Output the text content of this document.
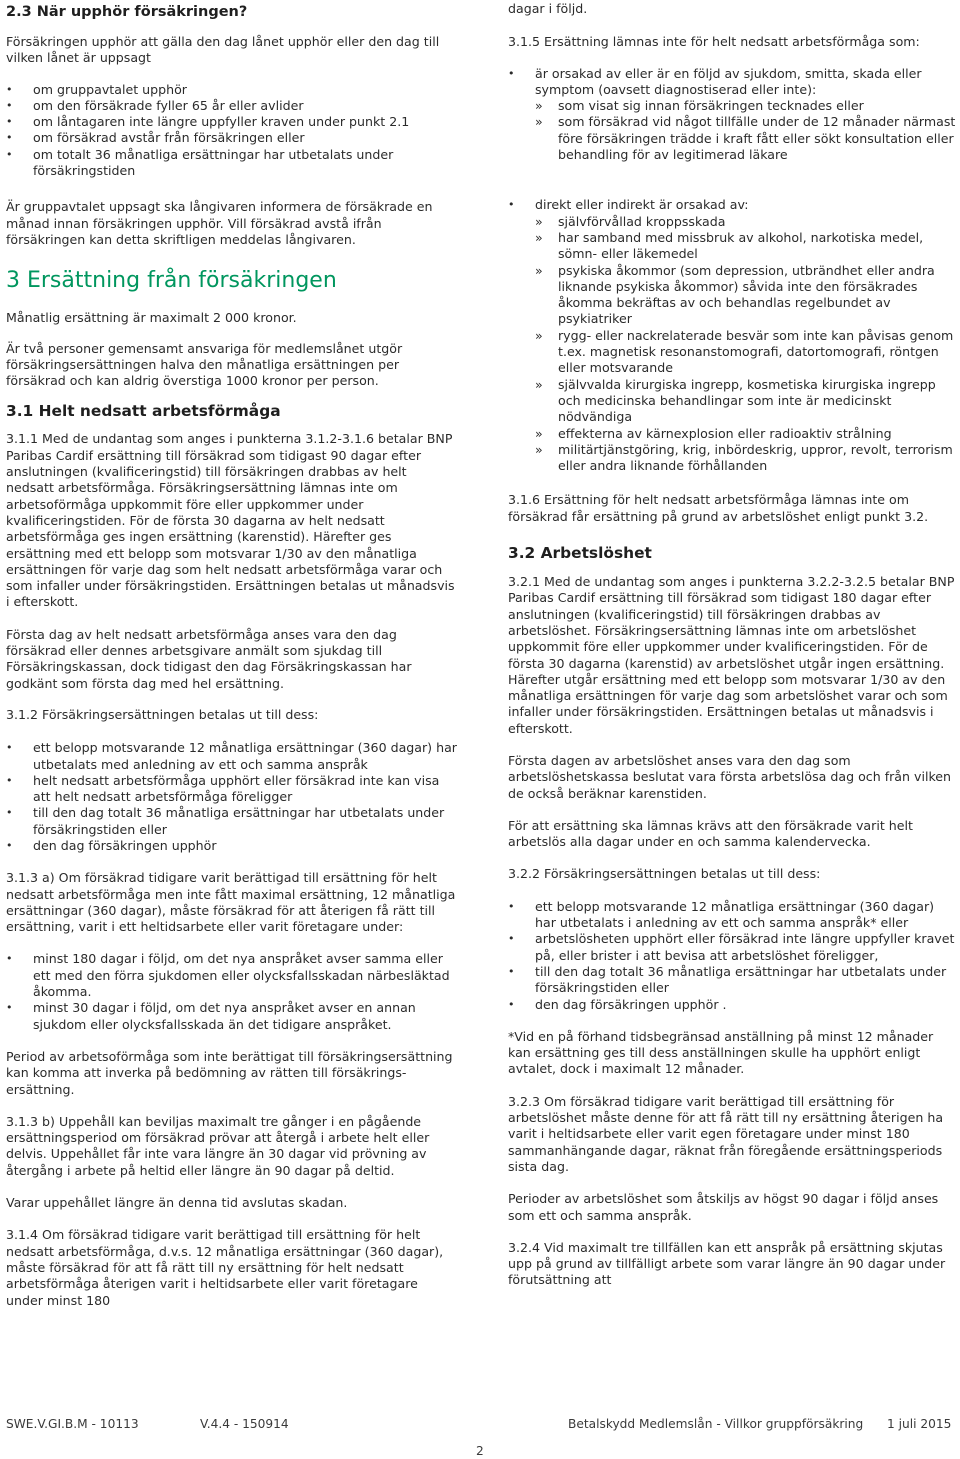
2.3 När upphör försäkringen?

Försäkringen upphör att gälla den dag lånet upphör eller den dag till vilken lånet är uppsagt

• om gruppavtalet upphör
• om den försäkrade fyller 65 år eller avlider
• om låntagaren inte längre uppfyller kraven under punkt 2.1
• om försäkrad avstår från försäkringen eller
• om totalt 36 månatliga ersättningar har utbetalats under försäkringstiden

Är gruppavtalet uppsagt ska långivaren informera de försäkrade en månad innan försäkringen upphör. Vill försäkrad avstå ifrån försäkringen kan detta skriftligen meddelas långivaren.

3 Ersättning från försäkringen

Månatlig ersättning är maximalt 2 000 kronor.

Är två personer gemensamt ansvariga för medlemslånet utgör försäkringsersättningen halva den månatliga ersättningen per försäkrad och kan aldrig överstiga 1000 kronor per person.

3.1 Helt nedsatt arbetsförmåga

3.1.1 Med de undantag som anges i punkterna 3.1.2-3.1.6 betalar BNP Paribas Cardif ersättning till försäkrad som tidigast 90 dagar efter anslutningen (kvalificeringstid) till försäkringen drabbas av helt nedsatt arbetsförmåga. Försäkringsersättning lämnas inte om arbetsoförmåga uppkommit före eller uppkommer under kvalificeringstiden. För de första 30 dagarna av helt nedsatt arbetsförmåga ges ingen ersättning (karenstid). Härefter ges ersättning med ett belopp som motsvarar 1/30 av den månatliga ersättningen för varje dag som helt nedsatt arbetsförmåga varar och som infaller under försäkringstiden. Ersättningen betalas ut månadsvis i efterskott.

Första dag av helt nedsatt arbetsförmåga anses vara den dag försäkrad eller dennes arbetsgivare anmält som sjukdag till Försäkringskassan, dock tidigast den dag Försäkringskassan har godkänt som första dag med hel ersättning.

3.1.2 Försäkringsersättningen betalas ut till dess:

• ett belopp motsvarande 12 månatliga ersättningar (360 dagar) har utbetalats med anledning av ett och samma anspråk
• helt nedsatt arbetsförmåga upphört eller försäkrad inte kan visa att helt nedsatt arbetsförmåga föreligger
• till den dag totalt 36 månatliga ersättningar har utbetalats under försäkringstiden eller
• den dag försäkringen upphör

3.1.3 a) Om försäkrad tidigare varit berättigad till ersättning för helt nedsatt arbetsförmåga men inte fått maximal ersättning, 12 månatliga ersättningar (360 dagar), måste försäkrad för att återigen få rätt till ersättning, varit i ett heltidsarbete eller varit företagare under:

• minst 180 dagar i följd, om det nya anspråket avser samma eller ett med den förra sjukdomen eller olycksfallsskadan närbesläktad åkomma.
• minst 30 dagar i följd, om det nya anspråket avser en annan sjukdom eller olycksfallsskada än det tidigare anspråket.

Period av arbetsoförmåga som inte berättigat till försäkringsersättning kan komma att inverka på bedömning av rätten till försäkrings-ersättning.

3.1.3 b) Uppehåll kan beviljas maximalt tre gånger i en pågående ersättningsperiod om försäkrad prövar att återgå i arbete helt eller delvis. Uppehållet får inte vara längre än 30 dagar vid prövning av återgång i arbete på heltid eller längre än 90 dagar på deltid.

Varar uppehållet längre än denna tid avslutas skadan.

3.1.4 Om försäkrad tidigare varit berättigad till ersättning för helt nedsatt arbetsförmåga, d.v.s. 12 månatliga ersättningar (360 dagar), måste försäkrad för att få rätt till ny ersättning för helt nedsatt arbetsförmåga återigen varit i heltidsarbete eller varit företagare under minst 180

dagar i följd.

3.1.5 Ersättning lämnas inte för helt nedsatt arbetsförmåga som:

• är orsakad av eller är en följd av sjukdom, smitta, skada eller symptom (oavsett diagnostiserad eller inte):
» som visat sig innan försäkringen tecknades eller
» som försäkrad vid något tillfälle under de 12 månader närmast före försäkringen trädde i kraft fått eller sökt konsultation eller behandling för av legitimerad läkare
• direkt eller indirekt är orsakad av:
» självförvållad kroppsskada
» har samband med missbruk av alkohol, narkotiska medel, sömn- eller läkemedel
» psykiska åkommor (som depression, utbrändhet eller andra liknande psykiska åkommor) såvida inte den försäkrades åkomma bekräftas av och behandlas regelbundet av psykiatriker
» rygg- eller nackrelaterade besvär som inte kan påvisas genom t.ex. magnetisk resonanstomografi, datortomografi, röntgen eller motsvarande
» självvalda kirurgiska ingrepp, kosmetiska kirurgiska ingrepp och medicinska behandlingar som inte är medicinskt nödvändiga
» effekterna av kärnexplosion eller radioaktiv strålning
» militärtjänstgöring, krig, inbördeskrig, uppror, revolt, terrorism eller andra liknande förhållanden

3.1.6 Ersättning för helt nedsatt arbetsförmåga lämnas inte om försäkrad får ersättning på grund av arbetslöshet enligt punkt 3.2.

3.2 Arbetslöshet

3.2.1 Med de undantag som anges i punkterna 3.2.2-3.2.5 betalar BNP Paribas Cardif ersättning till försäkrad som tidigast 180 dagar efter anslutningen (kvalificeringstid) till försäkringen drabbas av arbetslöshet. Försäkringsersättning lämnas inte om arbetslöshet uppkommit före eller uppkommer under kvalificeringstiden. För de första 30 dagarna (karenstid) av arbetslöshet utgår ingen ersättning. Härefter utgår ersättning med ett belopp som motsvarar 1/30 av den månatliga ersättningen för varje dag som arbetslöshet varar och som infaller under försäkringstiden. Ersättningen betalas ut månadsvis i efterskott.

Första dagen av arbetslöshet anses vara den dag som arbetslöshetskassa beslutat vara första arbetslösa dag och från vilken de också beräknar karenstiden.

För att ersättning ska lämnas krävs att den försäkrade varit helt arbetslös alla dagar under en och samma kalendervecka.

3.2.2 Försäkringsersättningen betalas ut till dess:

• ett belopp motsvarande 12 månatliga ersättningar (360 dagar) har utbetalats i anledning av ett och samma anspråk* eller
• arbetslösheten upphört eller försäkrad inte längre uppfyller kravet på, eller brister i att bevisa att arbetslöshet föreligger,
• till den dag totalt 36 månatliga ersättningar har utbetalats under försäkringstiden eller
• den dag försäkringen upphör .

*Vid en på förhand tidsbegränsad anställning på minst 12 månader kan ersättning ges till dess anställningen skulle ha upphört enligt avtalet, dock i maximalt 12 månader.

3.2.3 Om försäkrad tidigare varit berättigad till ersättning för arbetslöshet måste denne för att få rätt till ny ersättning återigen ha varit i heltidsarbete eller varit egen företagare under minst 180 sammanhängande dagar, räknat från föregående ersättningsperiods sista dag.

Perioder av arbetslöshet som åtskiljs av högst 90 dagar i följd anses som ett och samma anspråk.

3.2.4 Vid maximalt tre tillfällen kan ett anspråk på ersättning skjutas upp på grund av tillfälligt arbete som varar längre än 90 dagar under förutsättning att

SWE.V.GI.B.M - 10113	V.4.4 - 150914	Betalskydd Medlemslån - Villkor gruppförsäkring 1 juli 2015
2
